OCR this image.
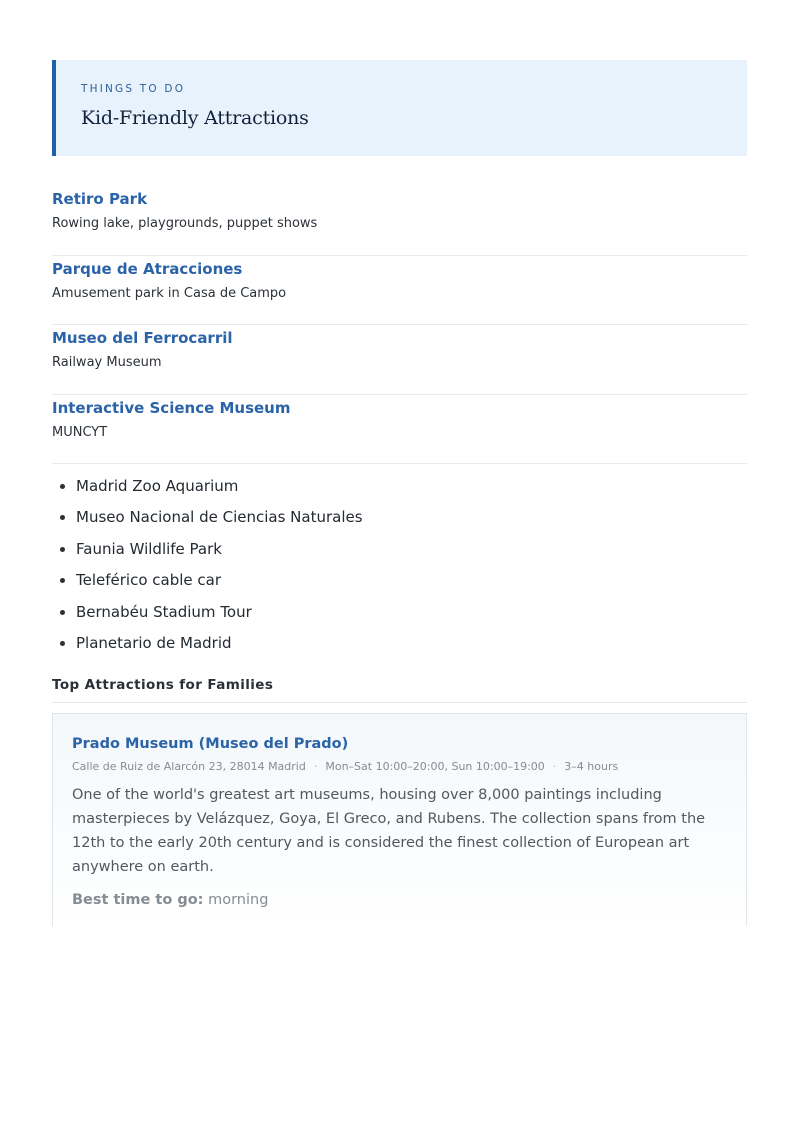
THINGS TO DO

Kid-Friendly Attractions

Retiro Park

Rowing lake, playgrounds, puppet shows

Parque de Atracciones

Amusement park in Casa de Campo

Museo del Ferrocarril

Railway Museum

Interactive Science Museum

MUNCYT

Madrid Zoo Aquarium
Museo Nacional de Ciencias Naturales
Faunia Wildlife Park
Teleférico cable car
Bernabéu Stadium Tour
Planetario de Madrid
Top Attractions for Families

Prado Museum (Museo del Prado)

Calle de Ruiz de Alarcón 23, 28014 Madrid · Mon–Sat 10:00–20:00, Sun 10:00–19:00 · 3–4 hours
One of the world's greatest art museums, housing over 8,000 paintings including masterpieces by Velázquez, Goya, El Greco, and Rubens. The collection spans from the 12th to the early 20th century and is considered the finest collection of European art anywhere on earth.
Best time to go: morning
